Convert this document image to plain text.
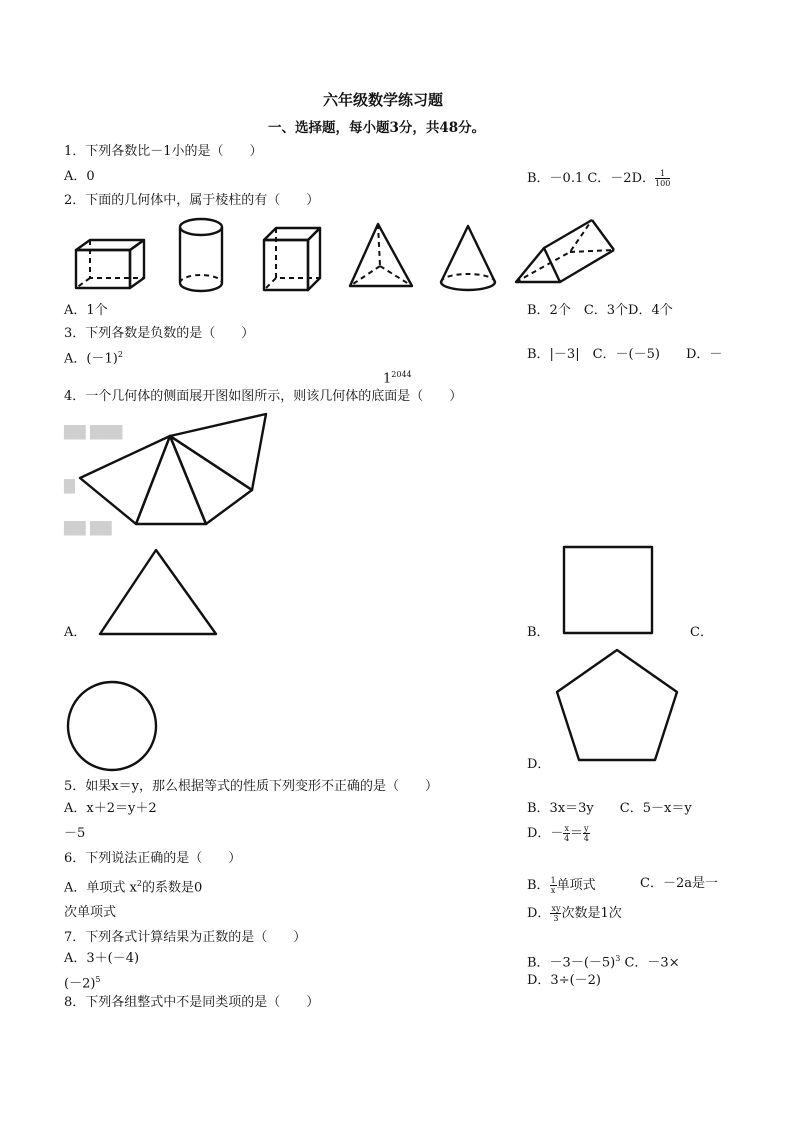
六年级数学练习题
一、选择题，每小题3分，共48分。
1．下列各数比－1小的是（　　）
A．0	B．－0.1 C．－2D． $\frac{1}{100}$
2．下面的几何体中，属于棱柱的有（　　）
A．1个	B．2个　C．3个D．4个
3．下列各数是负数的是（　　）
A．$(-1)^2$	B．|－3|　C．－(－5)　　D．－
$1^{2044}$
4．一个几何体的侧面展开图如图所示，则该几何体的底面是（　　）
▇▇ ▇▇▇
▇
▇▇ ▇▇
A．	B．	C．
D．
5．如果x＝y，那么根据等式的性质下列变形不正确的是（　　）
A．x＋2＝y＋2	B．3x＝3y　　C．5－x＝y
－5	D．－ $\frac{x}{4} = \frac{y}{4}$
6．下列说法正确的是（　　）
A．单项式 $x^2$的系数是0	B． $\frac{1}{x}$ 单项式	C．－2a是一
次单项式	D． $\frac{xy}{3}$ 次数是1次
7．下列各式计算结果为正数的是（　　）
A．3＋(－4)	B．$-3-(-5)^3$ C．－3×
$(-2)^5$	D．3÷(－2)
8．下列各组整式中不是同类项的是（　　）
